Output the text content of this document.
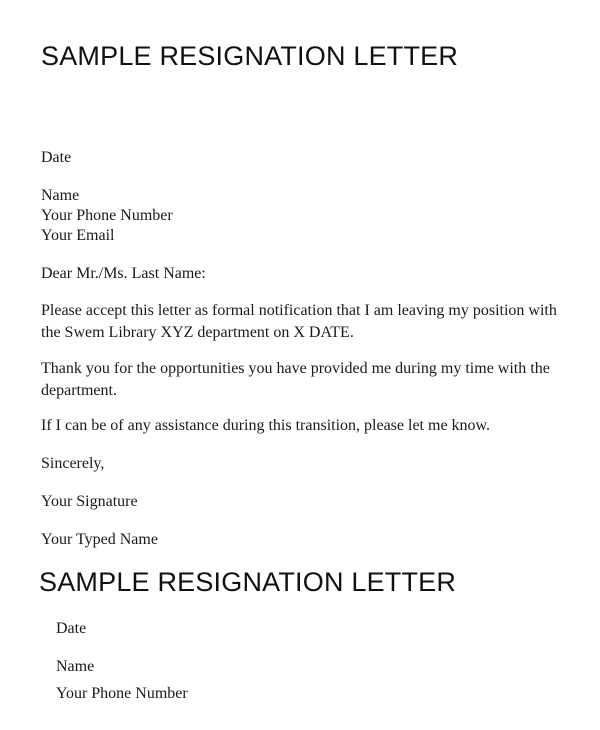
SAMPLE RESIGNATION LETTER
Date
Name
Your Phone Number
Your Email
Dear Mr./Ms. Last Name:
Please accept this letter as formal notification that I am leaving my position with the Swem Library XYZ department on X DATE.
Thank you for the opportunities you have provided me during my time with the department.
If I can be of any assistance during this transition, please let me know.
Sincerely,
Your Signature
Your Typed Name
SAMPLE RESIGNATION LETTER
Date
Name
Your Phone Number
